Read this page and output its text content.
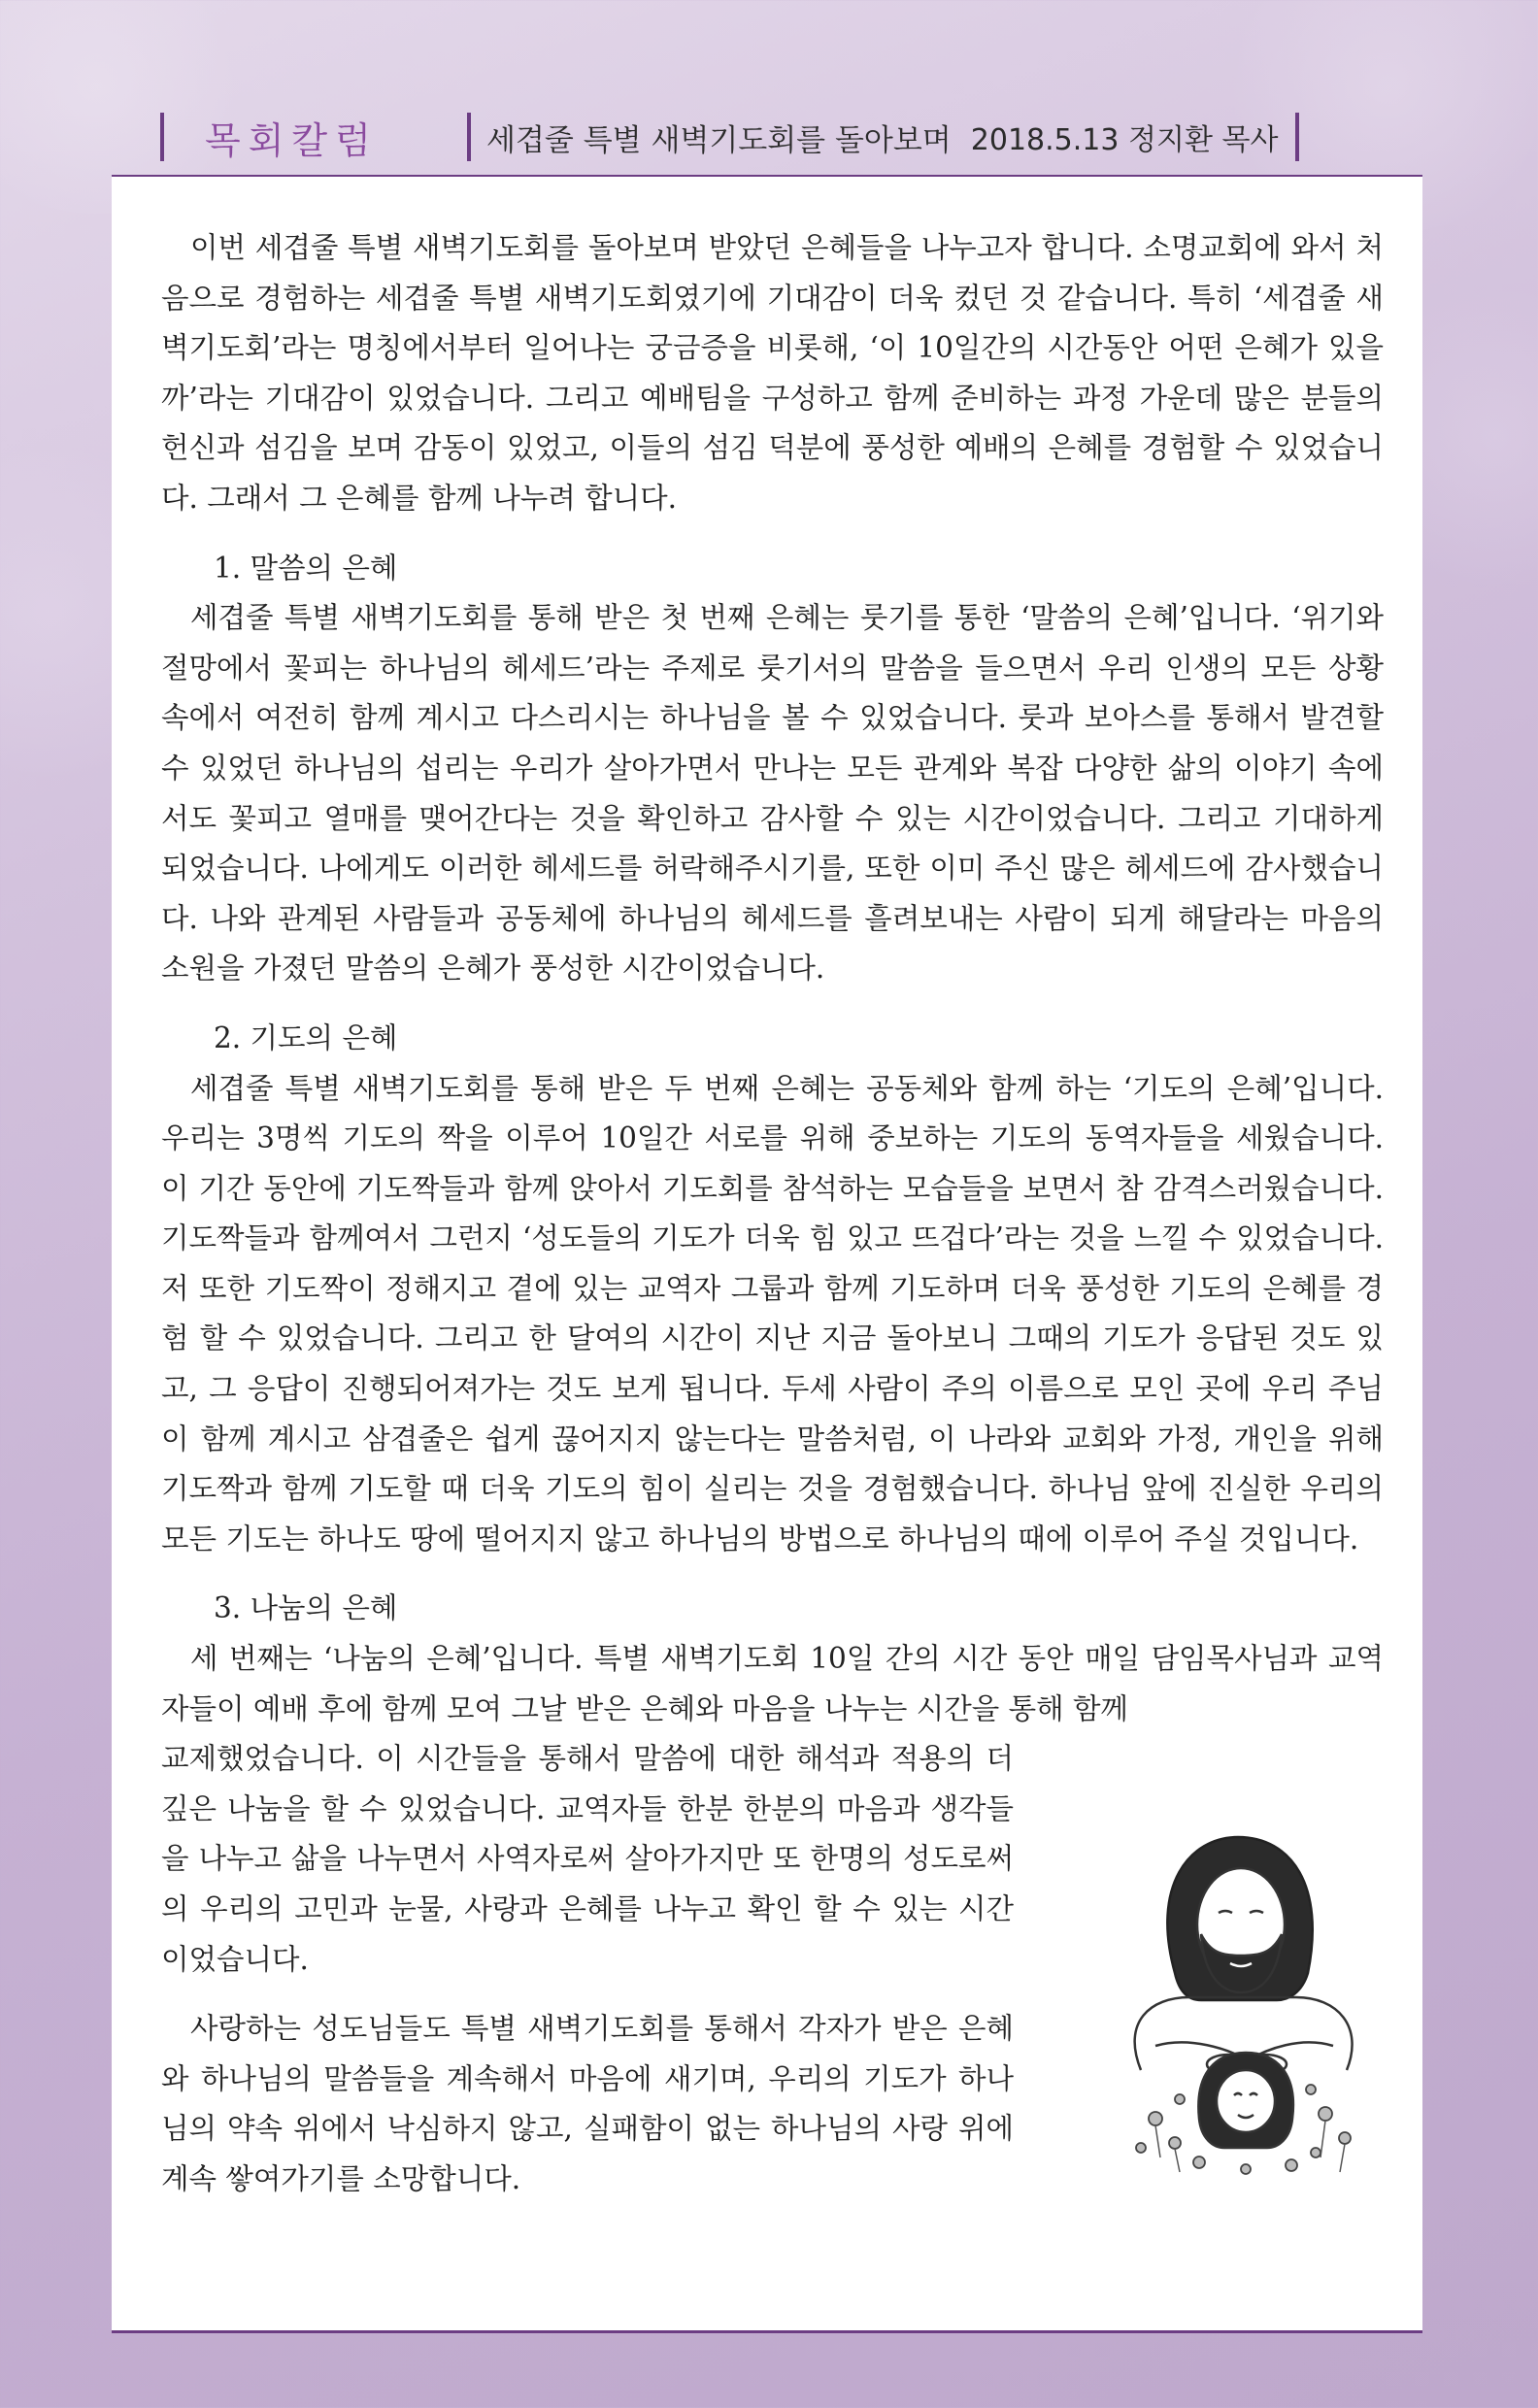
목회칼럼	세겹줄 특별 새벽기도회를 돌아보며 2018.5.13 정지환 목사

이번 세겹줄 특별 새벽기도회를 돌아보며 받았던 은혜들을 나누고자 합니다. 소명교회에 와서 처음으로 경험하는 세겹줄 특별 새벽기도회였기에 기대감이 더욱 컸던 것 같습니다. 특히 ‘세겹줄 새벽기도회’라는 명칭에서부터 일어나는 궁금증을 비롯해, ‘이 10일간의 시간동안 어떤 은혜가 있을까’라는 기대감이 있었습니다. 그리고 예배팀을 구성하고 함께 준비하는 과정 가운데 많은 분들의 헌신과 섬김을 보며 감동이 있었고, 이들의 섬김 덕분에 풍성한 예배의 은혜를 경험할 수 있었습니다. 그래서 그 은혜를 함께 나누려 합니다.

1. 말씀의 은혜

세겹줄 특별 새벽기도회를 통해 받은 첫 번째 은혜는 룻기를 통한 ‘말씀의 은혜’입니다. ‘위기와 절망에서 꽃피는 하나님의 헤세드’라는 주제로 룻기서의 말씀을 들으면서 우리 인생의 모든 상황 속에서 여전히 함께 계시고 다스리시는 하나님을 볼 수 있었습니다. 룻과 보아스를 통해서 발견할 수 있었던 하나님의 섭리는 우리가 살아가면서 만나는 모든 관계와 복잡 다양한 삶의 이야기 속에서도 꽃피고 열매를 맺어간다는 것을 확인하고 감사할 수 있는 시간이었습니다. 그리고 기대하게 되었습니다. 나에게도 이러한 헤세드를 허락해주시기를, 또한 이미 주신 많은 헤세드에 감사했습니다. 나와 관계된 사람들과 공동체에 하나님의 헤세드를 흘려보내는 사람이 되게 해달라는 마음의 소원을 가졌던 말씀의 은혜가 풍성한 시간이었습니다.

2. 기도의 은혜

세겹줄 특별 새벽기도회를 통해 받은 두 번째 은혜는 공동체와 함께 하는 ‘기도의 은혜’입니다. 우리는 3명씩 기도의 짝을 이루어 10일간 서로를 위해 중보하는 기도의 동역자들을 세웠습니다. 이 기간 동안에 기도짝들과 함께 앉아서 기도회를 참석하는 모습들을 보면서 참 감격스러웠습니다. 기도짝들과 함께여서 그런지 ‘성도들의 기도가 더욱 힘 있고 뜨겁다’라는 것을 느낄 수 있었습니다. 저 또한 기도짝이 정해지고 곁에 있는 교역자 그룹과 함께 기도하며 더욱 풍성한 기도의 은혜를 경험 할 수 있었습니다. 그리고 한 달여의 시간이 지난 지금 돌아보니 그때의 기도가 응답된 것도 있고, 그 응답이 진행되어져가는 것도 보게 됩니다. 두세 사람이 주의 이름으로 모인 곳에 우리 주님이 함께 계시고 삼겹줄은 쉽게 끊어지지 않는다는 말씀처럼, 이 나라와 교회와 가정, 개인을 위해 기도짝과 함께 기도할 때 더욱 기도의 힘이 실리는 것을 경험했습니다. 하나님 앞에 진실한 우리의 모든 기도는 하나도 땅에 떨어지지 않고 하나님의 방법으로 하나님의 때에 이루어 주실 것입니다.

3. 나눔의 은혜

세 번째는 ‘나눔의 은혜’입니다. 특별 새벽기도회 10일 간의 시간 동안 매일 담임목사님과 교역자들이 예배 후에 함께 모여 그날 받은 은혜와 마음을 나누는 시간을 통해 함께

교제했었습니다. 이 시간들을 통해서 말씀에 대한 해석과 적용의 더 깊은 나눔을 할 수 있었습니다. 교역자들 한분 한분의 마음과 생각들을 나누고 삶을 나누면서 사역자로써 살아가지만 또 한명의 성도로써의 우리의 고민과 눈물, 사랑과 은혜를 나누고 확인 할 수 있는 시간이었습니다.

사랑하는 성도님들도 특별 새벽기도회를 통해서 각자가 받은 은혜와 하나님의 말씀들을 계속해서 마음에 새기며, 우리의 기도가 하나님의 약속 위에서 낙심하지 않고, 실패함이 없는 하나님의 사랑 위에 계속 쌓여가기를 소망합니다.
